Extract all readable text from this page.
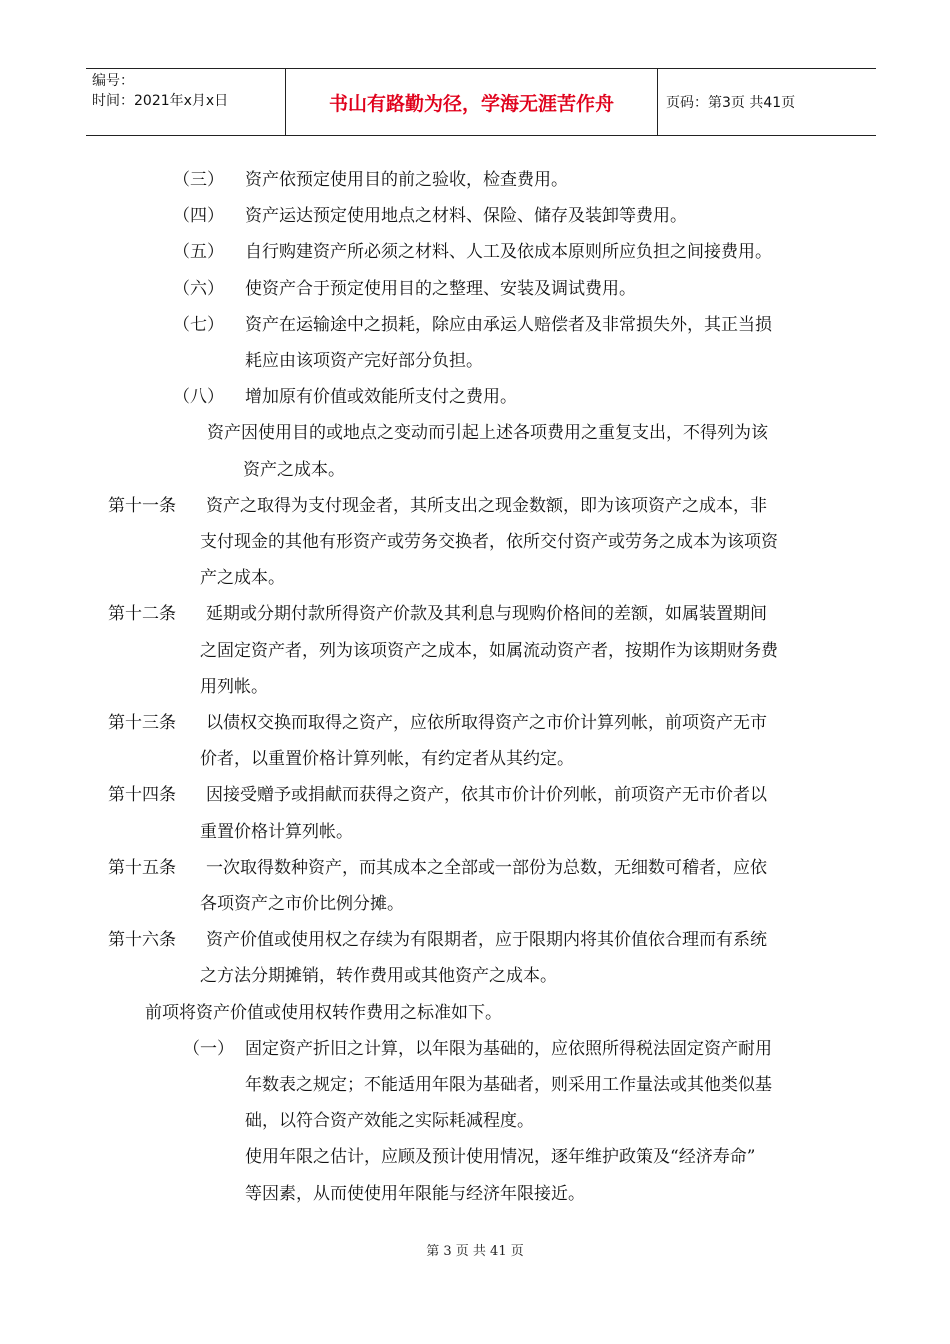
编号：
时间：2021年x月x日	书山有路勤为径，学海无涯苦作舟	页码：第3页 共41页
（三） 资产依预定使用目的前之验收，检查费用。
（四） 资产运达预定使用地点之材料、保险、储存及装卸等费用。
（五） 自行购建资产所必须之材料、人工及依成本原则所应负担之间接费用。
（六） 使资产合于预定使用目的之整理、安装及调试费用。
（七） 资产在运输途中之损耗，除应由承运人赔偿者及非常损失外，其正当损
耗应由该项资产完好部分负担。
（八） 增加原有价值或效能所支付之费用。
资产因使用目的或地点之变动而引起上述各项费用之重复支出，不得列为该
资产之成本。
第十一条 资产之取得为支付现金者，其所支出之现金数额，即为该项资产之成本，非
支付现金的其他有形资产或劳务交换者，依所交付资产或劳务之成本为该项资
产之成本。
第十二条 延期或分期付款所得资产价款及其利息与现购价格间的差额，如属装置期间
之固定资产者，列为该项资产之成本，如属流动资产者，按期作为该期财务费
用列帐。
第十三条 以债权交换而取得之资产，应依所取得资产之市价计算列帐，前项资产无市
价者，以重置价格计算列帐，有约定者从其约定。
第十四条 因接受赠予或捐献而获得之资产，依其市价计价列帐，前项资产无市价者以
重置价格计算列帐。
第十五条 一次取得数种资产，而其成本之全部或一部份为总数，无细数可稽者，应依
各项资产之市价比例分摊。
第十六条 资产价值或使用权之存续为有限期者，应于限期内将其价值依合理而有系统
之方法分期摊销，转作费用或其他资产之成本。
前项将资产价值或使用权转作费用之标准如下。
（一） 固定资产折旧之计算，以年限为基础的，应依照所得税法固定资产耐用
年数表之规定；不能适用年限为基础者，则采用工作量法或其他类似基
础，以符合资产效能之实际耗减程度。
使用年限之估计，应顾及预计使用情况，逐年维护政策及“经济寿命”
等因素，从而使使用年限能与经济年限接近。
第 3 页 共 41 页
